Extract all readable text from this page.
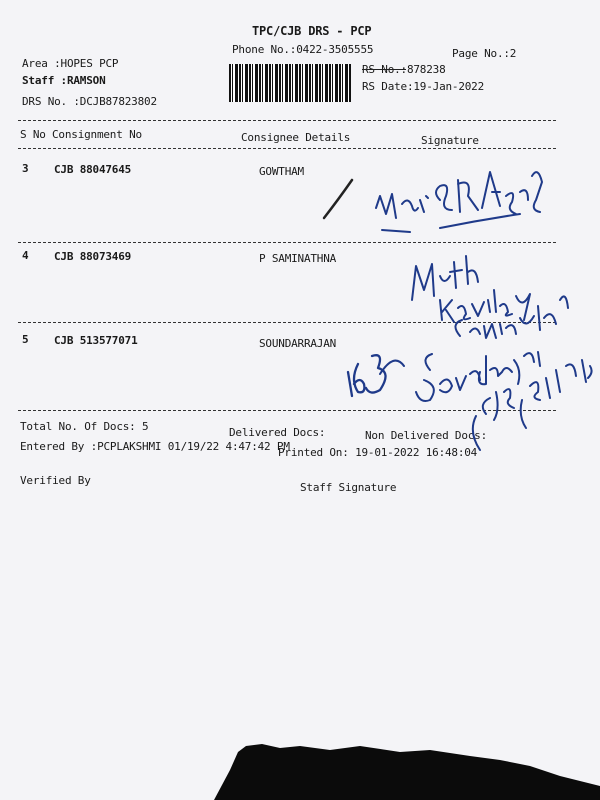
TPC/CJB DRS - PCP
Phone No.:0422-3505555	Page No.:2
Area :HOPES PCP
Staff :RAMSON
DRS No. :DCJB87823802
RS No.:878238
RS Date:19-Jan-2022
S No Consignment No	Consignee Details	Signature
3 CJB 88047645	GOWTHAM
4 CJB 88073469	P SAMINATHNA
5 CJB 513577071	SOUNDARRAJAN
Total No. Of Docs: 5	Delivered Docs:	Non Delivered Docs:
Entered By :PCPLAKSHMI 01/19/22 4:47:42 PM
Printed On: 19-01-2022 16:48:04
Verified By
Staff Signature
